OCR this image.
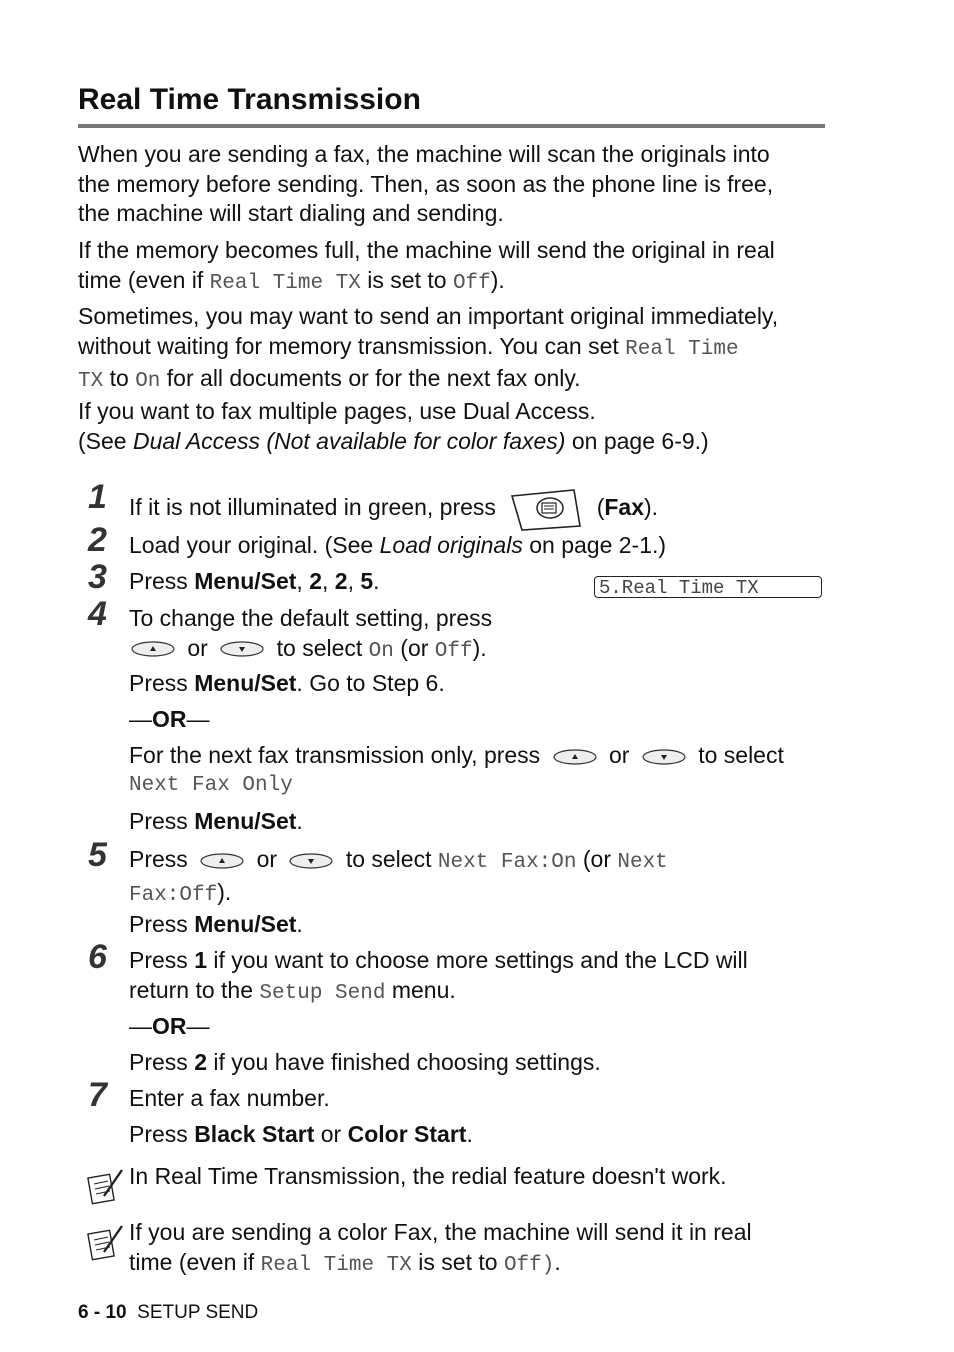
Real Time Transmission
When you are sending a fax, the machine will scan the originals into
the memory before sending. Then, as soon as the phone line is free,
the machine will start dialing and sending.
If the memory becomes full, the machine will send the original in real
time (even if Real Time TX is set to Off).
Sometimes, you may want to send an important original immediately,
without waiting for memory transmission. You can set Real Time
TX to On for all documents or for the next fax only.
If you want to fax multiple pages, use Dual Access.
(See Dual Access (Not available for color faxes) on page 6-9.)
1 If it is not illuminated in green, press	(Fax).
2 Load your original. (See Load originals on page 2-1.)
3 Press Menu/Set, 2, 2, 5.	5.Real Time TX
4 To change the default setting, press
or	to select On (or Off).
Press Menu/Set. Go to Step 6.
—OR—
For the next fax transmission only, press	or	to select
Next Fax Only
Press Menu/Set.
5 Press	or	to select Next Fax:On (or Next
Fax:Off).
Press Menu/Set.
6 Press 1 if you want to choose more settings and the LCD will
return to the Setup Send menu.
—OR—
Press 2 if you have finished choosing settings.
7 Enter a fax number.
Press Black Start or Color Start.
In Real Time Transmission, the redial feature doesn't work.
If you are sending a color Fax, the machine will send it in real
time (even if Real Time TX is set to Off).
6 - 10 SETUP SEND
